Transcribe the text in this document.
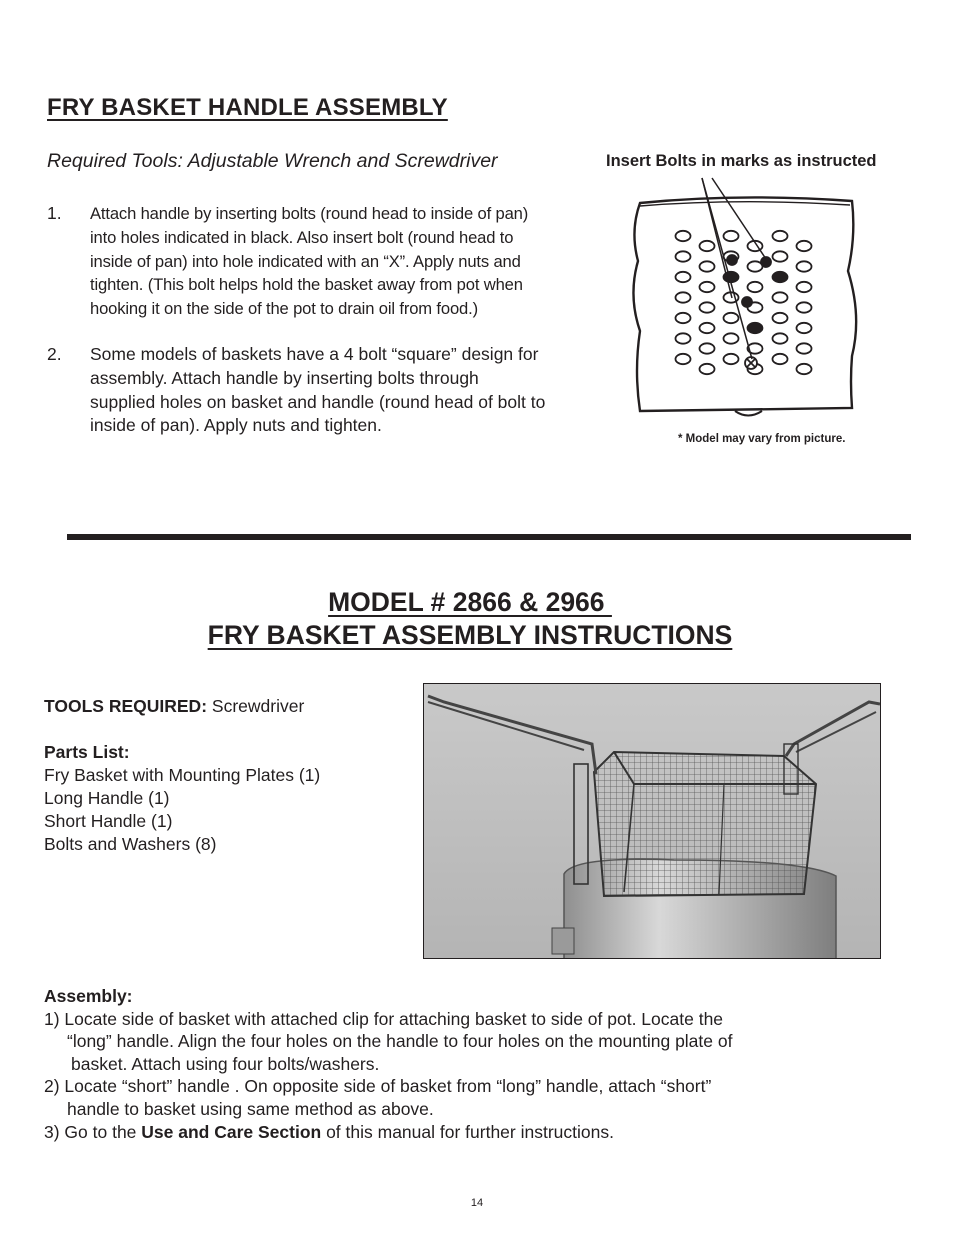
FRY BASKET HANDLE ASSEMBLY
Required Tools: Adjustable Wrench and Screwdriver
1. Attach handle by inserting bolts (round head to inside of pan) into holes indicated in black. Also insert bolt (round head to inside of pan) into hole indicated with an “X”. Apply nuts and tighten. (This bolt helps hold the basket away from pot when hooking it on the side of the pot to drain oil from food.)
2. Some models of baskets have a 4 bolt “square” design for assembly. Attach handle by inserting bolts through supplied holes on basket and handle (round head of bolt to inside of pan). Apply nuts and tighten.
Insert Bolts in marks as instructed
* Model may vary from picture.
MODEL # 2866 & 2966
FRY BASKET ASSEMBLY INSTRUCTIONS
TOOLS REQUIRED: Screwdriver
Parts List:
Fry Basket with Mounting Plates (1)
Long Handle (1)
Short Handle (1)
Bolts and Washers (8)
Assembly:
1) Locate side of basket with attached clip for attaching basket to side of pot. Locate the
“long” handle. Align the four holes on the handle to four holes on the mounting plate of
basket. Attach using four bolts/washers.
2) Locate “short” handle . On opposite side of basket from “long” handle, attach “short”
handle to basket using same method as above.
3) Go to the Use and Care Section of this manual for further instructions.
14
